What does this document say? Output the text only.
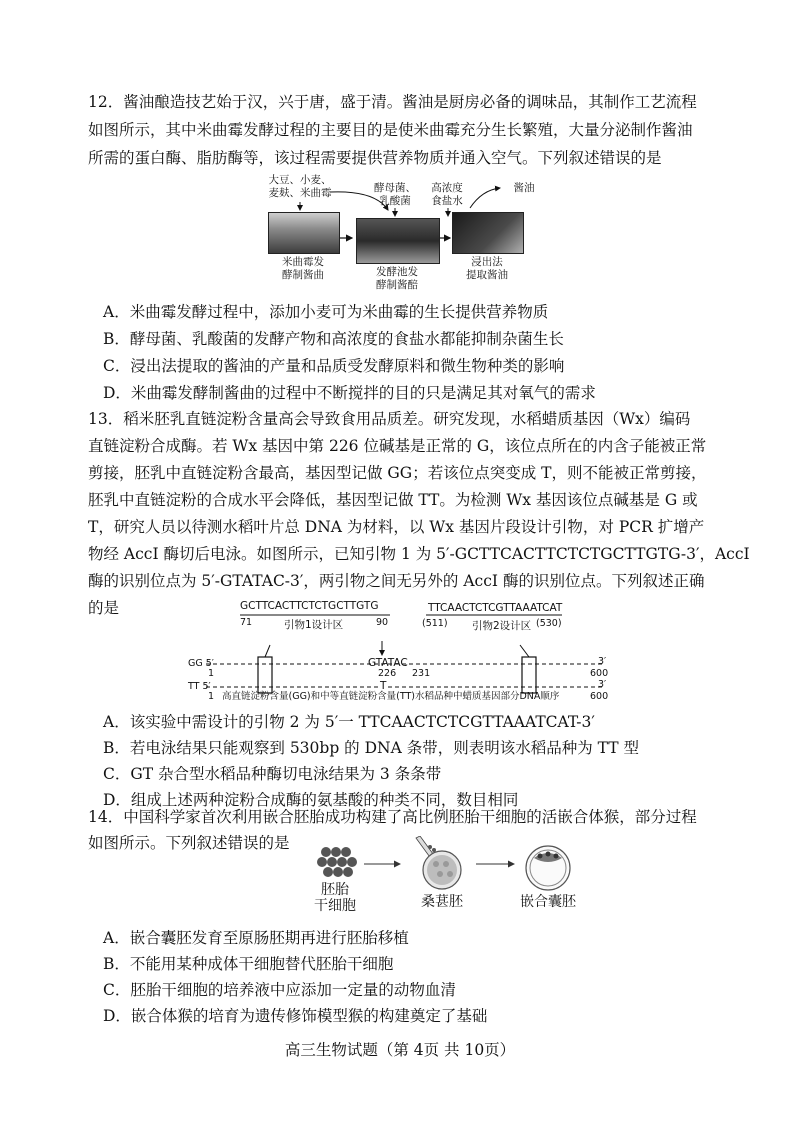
12．酱油酿造技艺始于汉，兴于唐，盛于清。酱油是厨房必备的调味品，其制作工艺流程
如图所示，其中米曲霉发酵过程的主要目的是使米曲霉充分生长繁殖，大量分泌制作酱油
所需的蛋白酶、脂肪酶等，该过程需要提供营养物质并通入空气。下列叙述错误的是
大豆、小麦、
麦麸、米曲霉	酵母菌、
乳酸菌
高浓度
食盐水
酱油
米曲霉发
酵制酱曲	发酵池发
酵制酱醅
浸出法
提取酱油
A．米曲霉发酵过程中，添加小麦可为米曲霉的生长提供营养物质
B．酵母菌、乳酸菌的发酵产物和高浓度的食盐水都能抑制杂菌生长
C．浸出法提取的酱油的产量和品质受发酵原料和微生物种类的影响
D．米曲霉发酵制酱曲的过程中不断搅拌的目的只是满足其对氧气的需求
13．稻米胚乳直链淀粉含量高会导致食用品质差。研究发现，水稻蜡质基因（Wx）编码
直链淀粉合成酶。若 Wx 基因中第 226 位碱基是正常的 G，该位点所在的内含子能被正常
剪接，胚乳中直链淀粉含最高，基因型记做 GG；若该位点突变成 T，则不能被正常剪接，
胚乳中直链淀粉的合成水平会降低，基因型记做 TT。为检测 Wx 基因该位点碱基是 G 或
T，研究人员以待测水稻叶片总 DNA 为材料，以 Wx 基因片段设计引物，对 PCR 扩增产
物经 AccI 酶切后电泳。如图所示，已知引物 1 为 5′-GCTTCACTTCTCTGCTTGTG-3′，AccI
酶的识别位点为 5′-GTATAC-3′，两引物之间无另外的 AccI 酶的识别位点。下列叙述正确
的是	GCTTCACTTCTCTGCTTGTG
71	90
引物1设计区
TTCAACTCTCGTTAAATCAT
(511)	(530)
引物2设计区
GG 5′	3′
1
GTATAC
226 231	600
TT 5′	3′
1
T
600
高直链淀粉含量(GG)和中等直链淀粉含量(TT)水稻品种中蜡质基因部分DNA顺序
A．该实验中需设计的引物 2 为 5′一 TTCAACTCTCGTTAAATCAT-3′
B．若电泳结果只能观察到 530bp 的 DNA 条带，则表明该水稻品种为 TT 型
C．GT 杂合型水稻品种酶切电泳结果为 3 条条带
D．组成上述两种淀粉合成酶的氨基酸的种类不同，数目相同
14．中国科学家首次利用嵌合胚胎成功构建了高比例胚胎干细胞的活嵌合体猴，部分过程
如图所示。下列叙述错误的是
胚胎
干细胞	桑葚胚	嵌合囊胚
A．嵌合囊胚发育至原肠胚期再进行胚胎移植
B．不能用某种成体干细胞替代胚胎干细胞
C．胚胎干细胞的培养液中应添加一定量的动物血清
D．嵌合体猴的培育为遗传修饰模型猴的构建奠定了基础
高三生物试题（第 4页 共 10页）
